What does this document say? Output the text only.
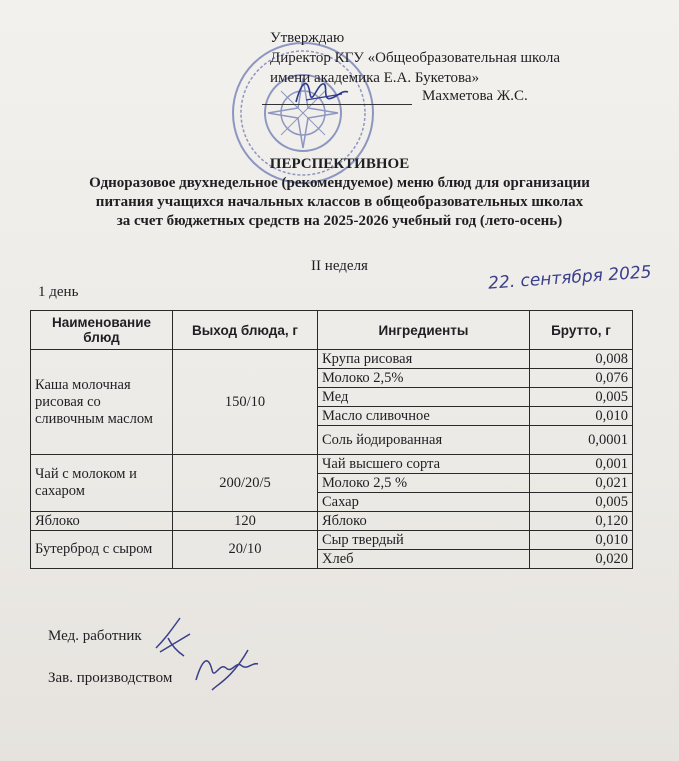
Утверждаю
Директор КГУ «Общеобразовательная школа
имени академика Е.А. Букетова»
Махметова Ж.С.
ПЕРСПЕКТИВНОЕ
Одноразовое двухнедельное (рекомендуемое) меню блюд для организации
питания учащихся начальных классов в общеобразовательных школах
за счет бюджетных средств на 2025-2026 учебный год (лето-осень)
II неделя
1 день	22. сентября 2025
Наименование блюд	Выход блюда, г	Ингредиенты	Брутто, г
Каша молочная рисовая со сливочным маслом	150/10	Крупа рисовая	0,008
		Молоко 2,5%	0,076
		Мед	0,005
		Масло сливочное	0,010
		Соль йодированная	0,0001
Чай с молоком и сахаром	200/20/5	Чай высшего сорта	0,001
		Молоко 2,5 %	0,021
		Сахар	0,005
Яблоко	120	Яблоко	0,120
Бутерброд с сыром	20/10	Сыр твердый	0,010
		Хлеб	0,020
Мед. работник
Зав. производством
